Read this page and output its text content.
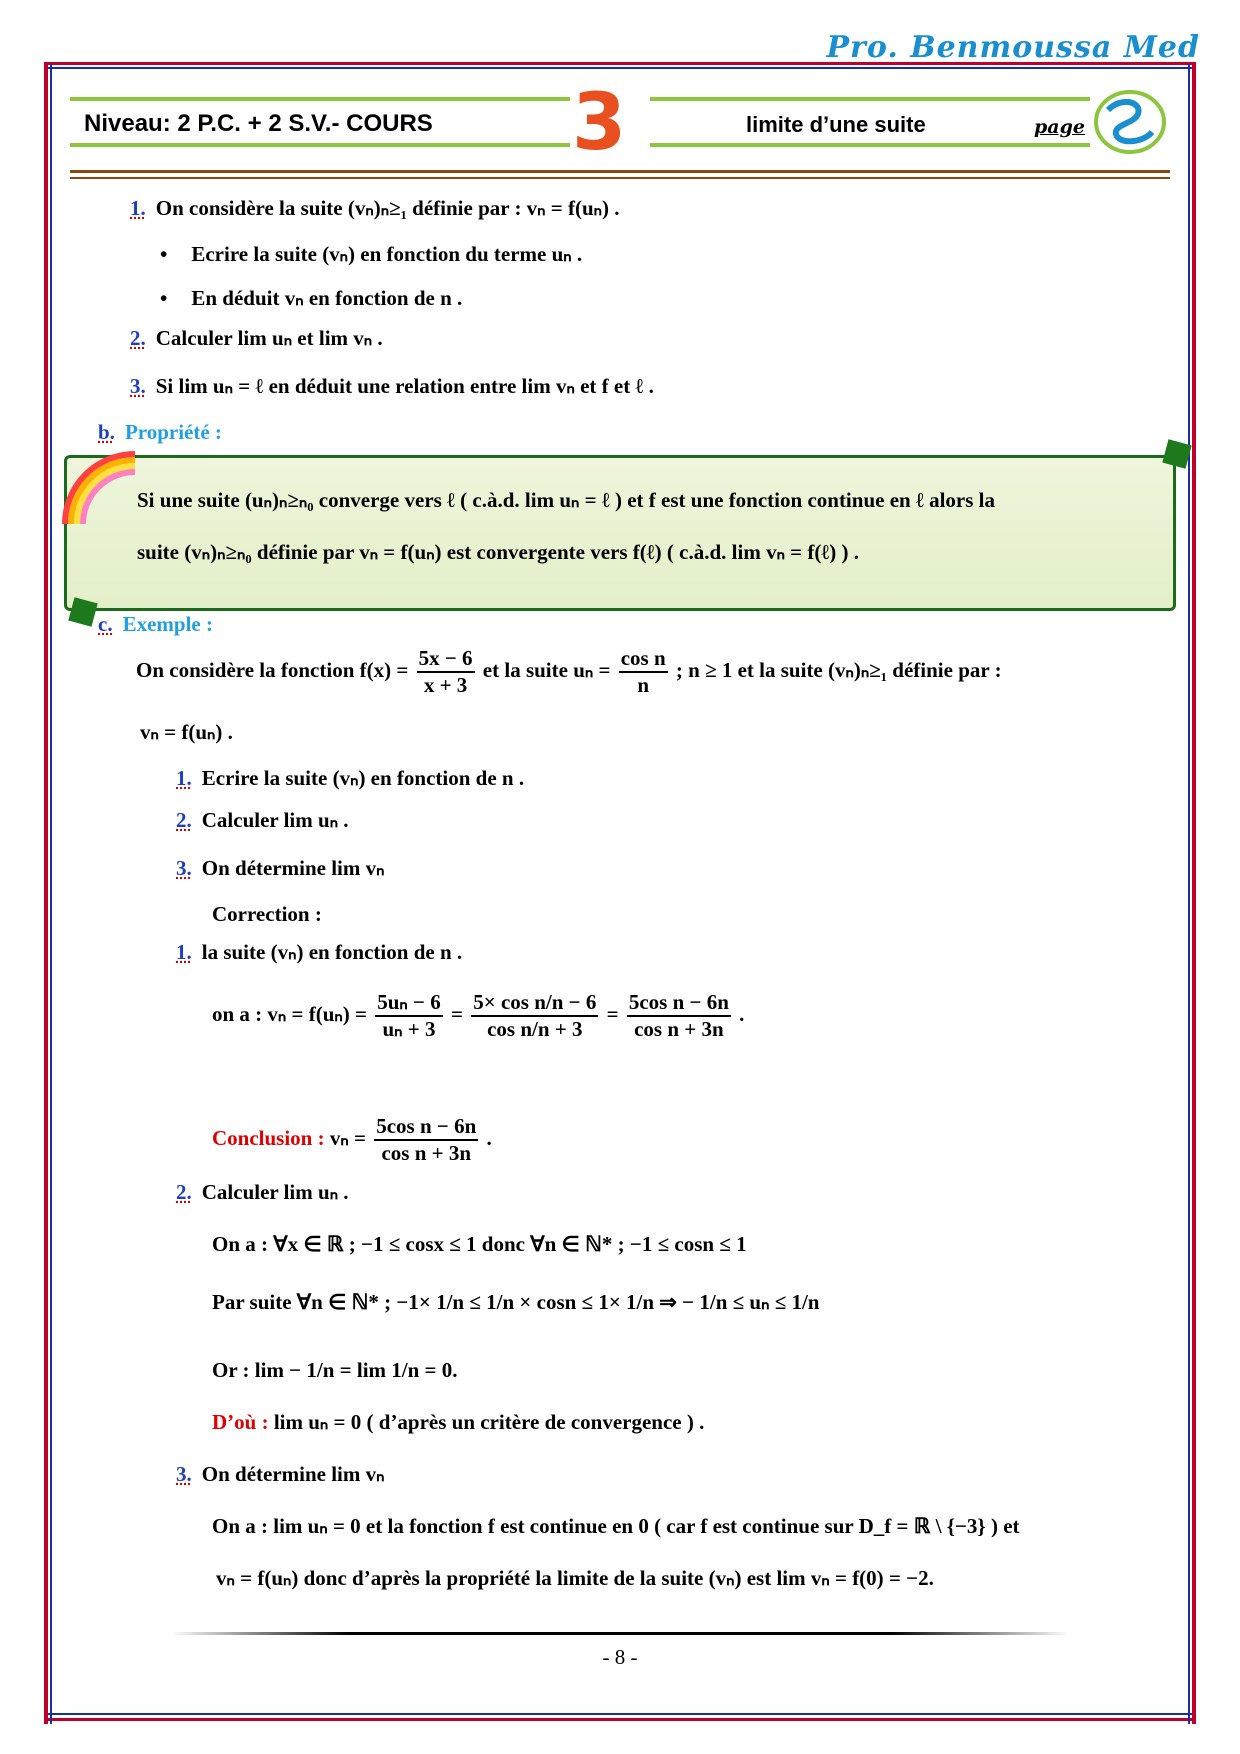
Pro. Benmoussa Med
Niveau: 2 P.C. + 2 S.V.- COURS 3	limite d’une suite	page
1. On considère la suite (vₙ)ₙ≥₁ définie par : vₙ = f(uₙ) .
• Ecrire la suite (vₙ) en fonction du terme uₙ .
• En déduit vₙ en fonction de n .
2. Calculer lim uₙ et lim vₙ .
3. Si lim uₙ = ℓ en déduit une relation entre lim vₙ et f et ℓ .
b. Propriété :
Si une suite (uₙ)ₙ≥ₙ₀ converge vers ℓ ( c.à.d. lim uₙ = ℓ ) et f est une fonction continue en ℓ alors la
suite (vₙ)ₙ≥ₙ₀ définie par vₙ = f(uₙ) est convergente vers f(ℓ) ( c.à.d. lim vₙ = f(ℓ) ) .
c. Exemple :
On considère la fonction $f(x) = \frac{5x - 6}{x + 3}$ et la suite $u_n = \frac{\text{cos n}}{n}$ ; n ≥ 1 et la suite (vₙ)ₙ≥₁ définie par :
vₙ = f(uₙ) .
1. Ecrire la suite (vₙ) en fonction de n .
2. Calculer lim uₙ .
3. On détermine lim vₙ
Correction :
1. la suite (vₙ) en fonction de n .
on a : $v_n = f(u_n) = \frac{\text{5uₙ − 6}}{\text{uₙ + 3}} = \frac{\text{5× cos n/n − 6}}{\text{cos n/n + 3}} = \frac{\text{5cos n − 6n}}{\text{cos n + 3n}}$ .
Conclusion : $v_n = \frac{\text{5cos n − 6n}}{\text{cos n + 3n}}$ .
2. Calculer lim uₙ .
On a : ∀x ∈ ℝ ; −1 ≤ cosx ≤ 1 donc ∀n ∈ ℕ* ; −1 ≤ cosn ≤ 1
Par suite ∀n ∈ ℕ* ; −1× 1/n ≤ 1/n × cosn ≤ 1× 1/n ⇒ − 1/n ≤ uₙ ≤ 1/n
Or : lim − 1/n = lim 1/n = 0.
D’où : lim uₙ = 0 ( d’après un critère de convergence ) .
3. On détermine lim vₙ
On a : lim uₙ = 0 et la fonction f est continue en 0 ( car f est continue sur D_f = ℝ \ {−3} ) et
vₙ = f(uₙ) donc d’après la propriété la limite de la suite (vₙ) est lim vₙ = f(0) = −2.
- 8 -
